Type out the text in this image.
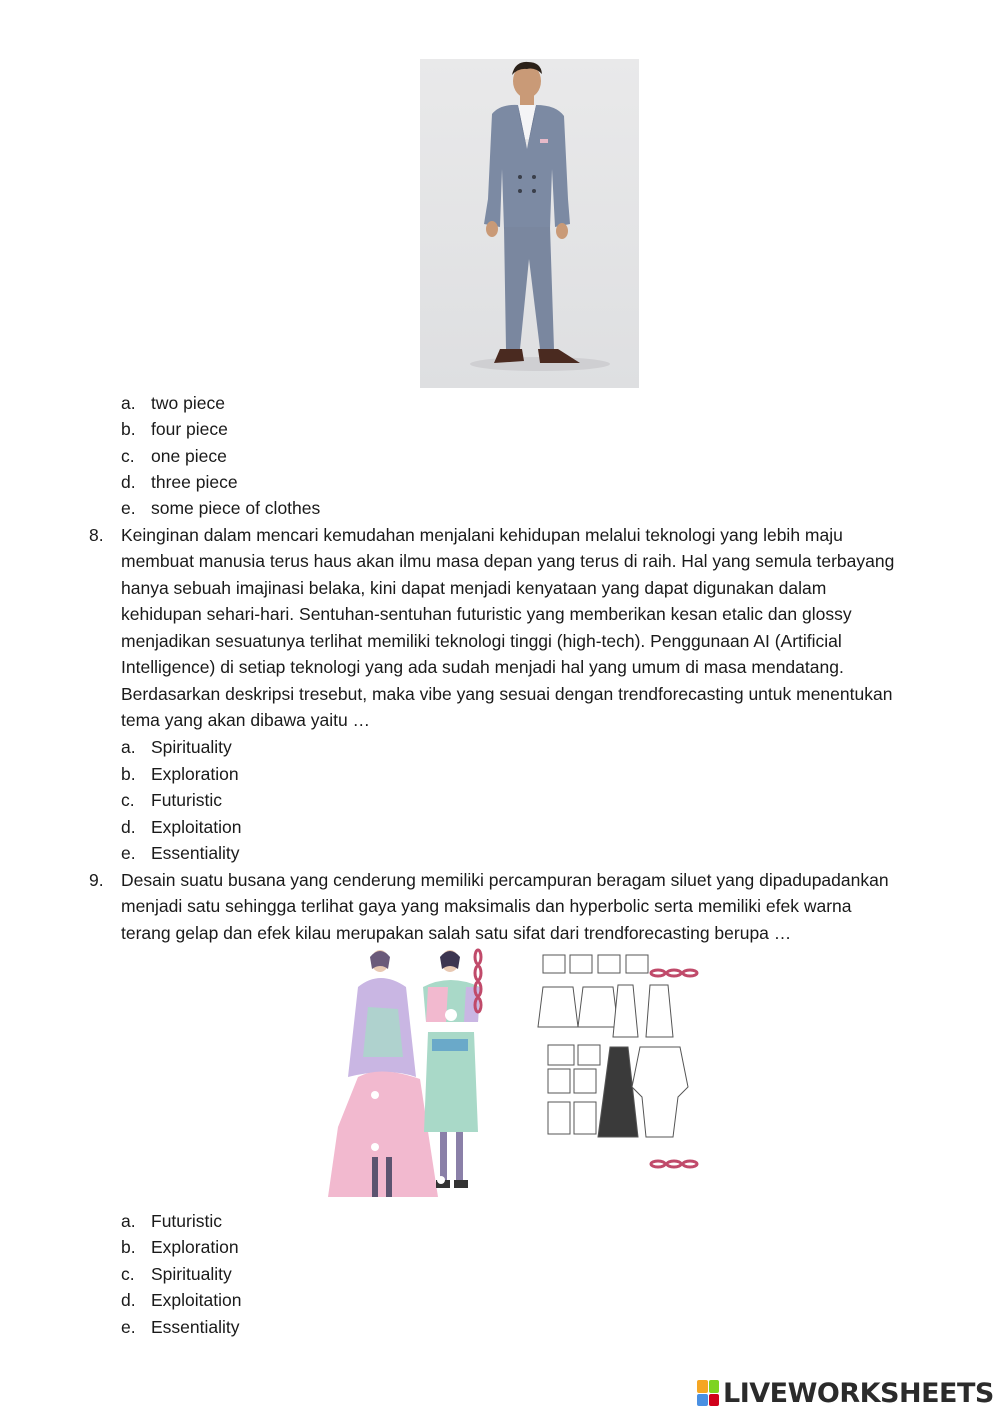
a. two piece
b. four piece
c. one piece
d. three piece
e. some piece of clothes
8. Keinginan dalam mencari kemudahan menjalani kehidupan melalui teknologi yang lebih maju
membuat manusia terus haus akan ilmu masa depan yang terus di raih. Hal yang semula terbayang
hanya sebuah imajinasi belaka, kini dapat menjadi kenyataan yang dapat digunakan dalam
kehidupan sehari-hari. Sentuhan-sentuhan futuristic yang memberikan kesan etalic dan glossy
menjadikan sesuatunya terlihat memiliki teknologi tinggi (high-tech). Penggunaan AI (Artificial
Intelligence) di setiap teknologi yang ada sudah menjadi hal yang umum di masa mendatang.
Berdasarkan deskripsi tresebut, maka vibe yang sesuai dengan trendforecasting untuk menentukan
tema yang akan dibawa yaitu …
a. Spirituality
b. Exploration
c. Futuristic
d. Exploitation
e. Essentiality
9. Desain suatu busana yang cenderung memiliki percampuran beragam siluet yang dipadupadankan
menjadi satu sehingga terlihat gaya yang maksimalis dan hyperbolic serta memiliki efek warna
terang gelap dan efek kilau merupakan salah satu sifat dari trendforecasting berupa …
a. Futuristic
b. Exploration
c. Spirituality
d. Exploitation
e. Essentiality
LIVEWORKSHEETS
